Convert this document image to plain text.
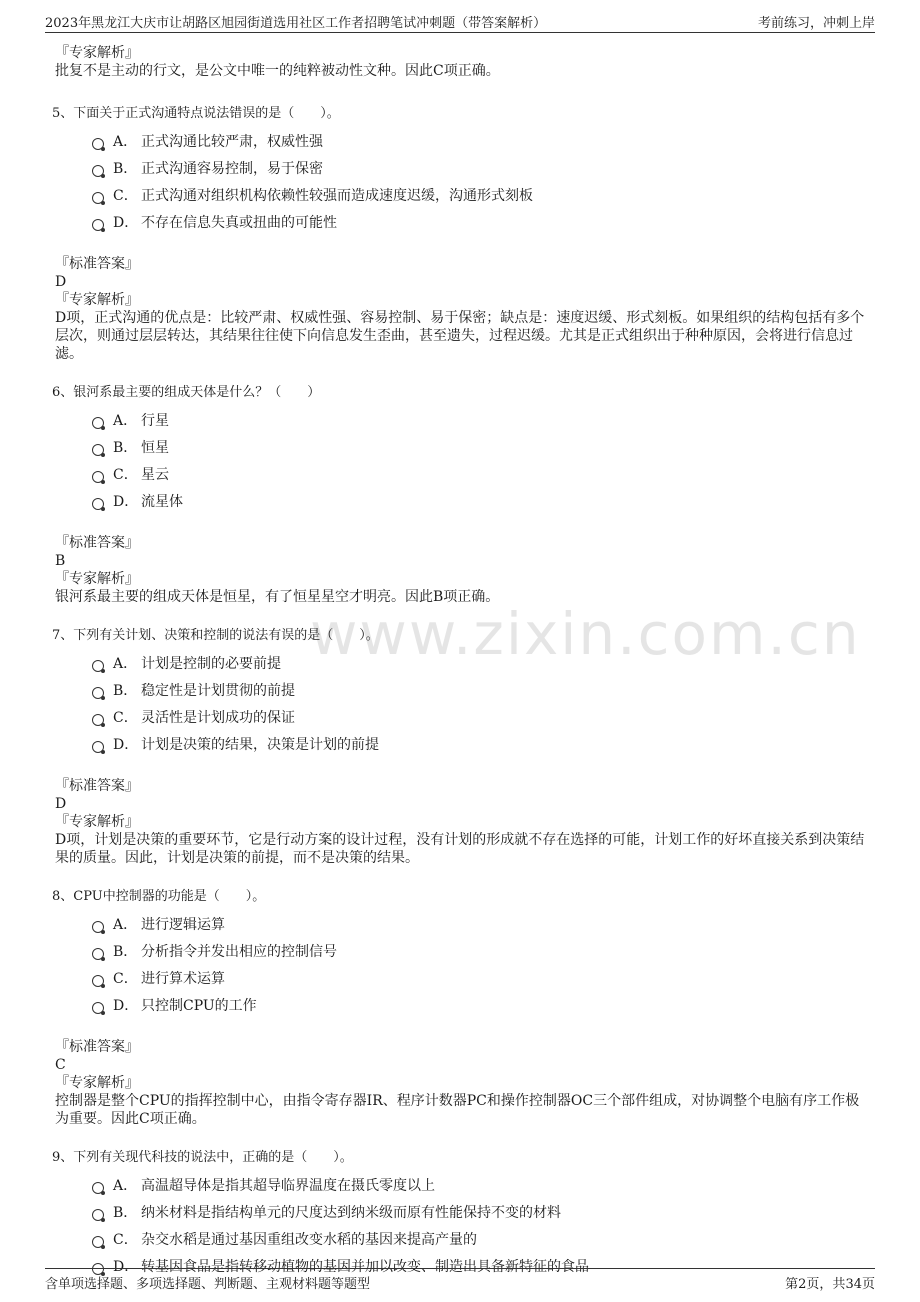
2023年黑龙江大庆市让胡路区旭园街道选用社区工作者招聘笔试冲刺题（带答案解析）	考前练习，冲刺上岸
www.zixin.com.cn
『专家解析』
批复不是主动的行文，是公文中唯一的纯粹被动性文种。因此C项正确。
5、下面关于正式沟通特点说法错误的是（　　）。
A． 正式沟通比较严肃，权威性强
B． 正式沟通容易控制，易于保密
C． 正式沟通对组织机构依赖性较强而造成速度迟缓，沟通形式刻板
D． 不存在信息失真或扭曲的可能性
『标准答案』
D
『专家解析』
D项，正式沟通的优点是：比较严肃、权威性强、容易控制、易于保密；缺点是：速度迟缓、形式刻板。如果组织的结构包括有多个层次，则通过层层转达，其结果往往使下向信息发生歪曲，甚至遗失，过程迟缓。尤其是正式组织出于种种原因，会将进行信息过滤。
6、银河系最主要的组成天体是什么？（　　）
A． 行星
B． 恒星
C． 星云
D． 流星体
『标准答案』
B
『专家解析』
银河系最主要的组成天体是恒星，有了恒星星空才明亮。因此B项正确。
7、下列有关计划、决策和控制的说法有误的是（　　）。
A． 计划是控制的必要前提
B． 稳定性是计划贯彻的前提
C． 灵活性是计划成功的保证
D． 计划是决策的结果，决策是计划的前提
『标准答案』
D
『专家解析』
D项，计划是决策的重要环节，它是行动方案的设计过程，没有计划的形成就不存在选择的可能，计划工作的好坏直接关系到决策结果的质量。因此，计划是决策的前提，而不是决策的结果。
8、CPU中控制器的功能是（　　）。
A． 进行逻辑运算
B． 分析指令并发出相应的控制信号
C． 进行算术运算
D． 只控制CPU的工作
『标准答案』
C
『专家解析』
控制器是整个CPU的指挥控制中心，由指令寄存器IR、程序计数器PC和操作控制器OC三个部件组成，对协调整个电脑有序工作极为重要。因此C项正确。
9、下列有关现代科技的说法中，正确的是（　　）。
A． 高温超导体是指其超导临界温度在摄氏零度以上
B． 纳米材料是指结构单元的尺度达到纳米级而原有性能保持不变的材料
C． 杂交水稻是通过基因重组改变水稻的基因来提高产量的
D． 转基因食品是指转移动植物的基因并加以改变、制造出具备新特征的食品
含单项选择题、多项选择题、判断题、主观材料题等题型	第2页，共34页
